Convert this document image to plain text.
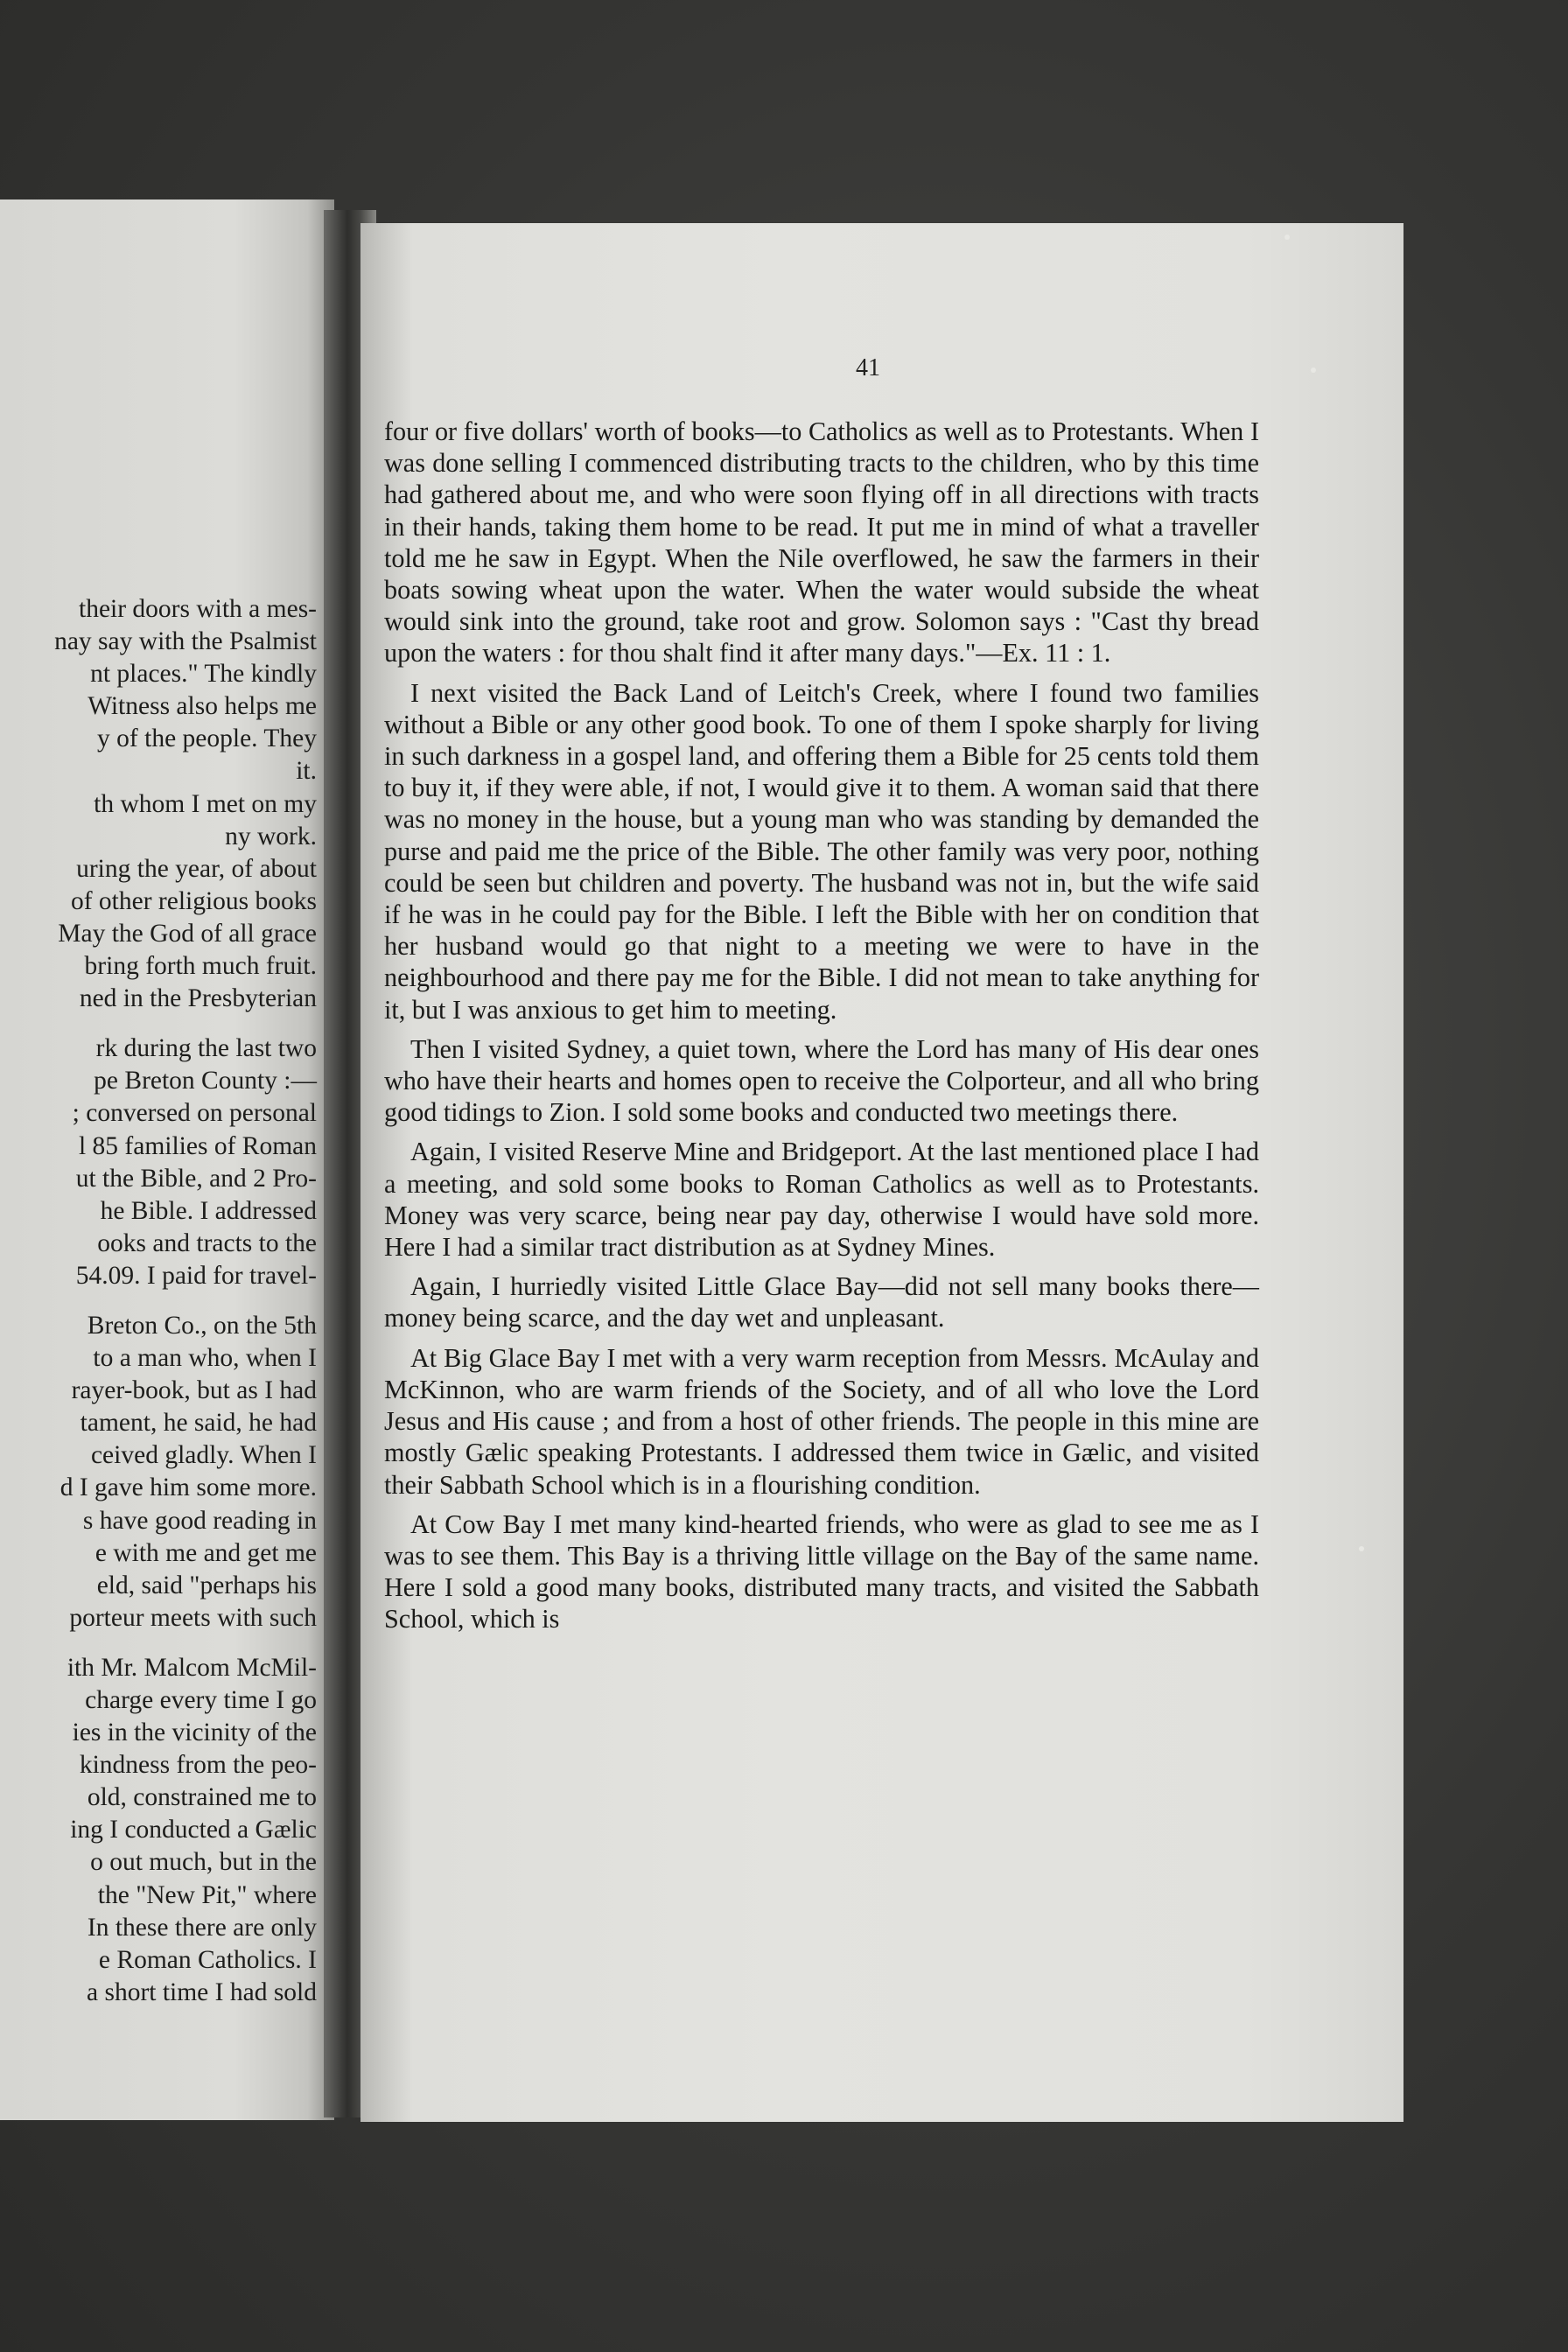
their doors with a mes-
nay say with the Psalmist
nt places." The kindly
Witness also helps me
y of the people. They
it.
th whom I met on my
ny work.
uring the year, of about
of other religious books
May the God of all grace
bring forth much fruit.
ned in the Presbyterian
rk during the last two
pe Breton County :—
; conversed on personal
l 85 families of Roman
ut the Bible, and 2 Pro-
he Bible. I addressed
ooks and tracts to the
54.09. I paid for travel-
Breton Co., on the 5th
to a man who, when I
rayer-book, but as I had
tament, he said, he had
ceived gladly. When I
d I gave him some more.
s have good reading in
e with me and get me
eld, said "perhaps his
porteur meets with such
ith Mr. Malcom McMil-
charge every time I go
ies in the vicinity of the
kindness from the peo-
old, constrained me to
ing I conducted a Gælic
o out much, but in the
the "New Pit," where
In these there are only
e Roman Catholics. I
a short time I had sold
41

four or five dollars' worth of books—to Catholics as well as to Protestants. When I was done selling I commenced distributing tracts to the children, who by this time had gathered about me, and who were soon flying off in all directions with tracts in their hands, taking them home to be read. It put me in mind of what a traveller told me he saw in Egypt. When the Nile overflowed, he saw the farmers in their boats sowing wheat upon the water. When the water would subside the wheat would sink into the ground, take root and grow. Solomon says : "Cast thy bread upon the waters : for thou shalt find it after many days."—Ex. 11 : 1.

I next visited the Back Land of Leitch's Creek, where I found two families without a Bible or any other good book. To one of them I spoke sharply for living in such darkness in a gospel land, and offering them a Bible for 25 cents told them to buy it, if they were able, if not, I would give it to them. A woman said that there was no money in the house, but a young man who was standing by demanded the purse and paid me the price of the Bible. The other family was very poor, nothing could be seen but children and poverty. The husband was not in, but the wife said if he was in he could pay for the Bible. I left the Bible with her on condition that her husband would go that night to a meeting we were to have in the neighbourhood and there pay me for the Bible. I did not mean to take anything for it, but I was anxious to get him to meeting.

Then I visited Sydney, a quiet town, where the Lord has many of His dear ones who have their hearts and homes open to receive the Colporteur, and all who bring good tidings to Zion. I sold some books and conducted two meetings there.

Again, I visited Reserve Mine and Bridgeport. At the last mentioned place I had a meeting, and sold some books to Roman Catholics as well as to Protestants. Money was very scarce, being near pay day, otherwise I would have sold more. Here I had a similar tract distribution as at Sydney Mines.

Again, I hurriedly visited Little Glace Bay—did not sell many books there—money being scarce, and the day wet and unpleasant.

At Big Glace Bay I met with a very warm reception from Messrs. McAulay and McKinnon, who are warm friends of the Society, and of all who love the Lord Jesus and His cause ; and from a host of other friends. The people in this mine are mostly Gælic speaking Protestants. I addressed them twice in Gælic, and visited their Sabbath School which is in a flourishing condition.

At Cow Bay I met many kind-hearted friends, who were as glad to see me as I was to see them. This Bay is a thriving little village on the Bay of the same name. Here I sold a good many books, distributed many tracts, and visited the Sabbath School, which is
